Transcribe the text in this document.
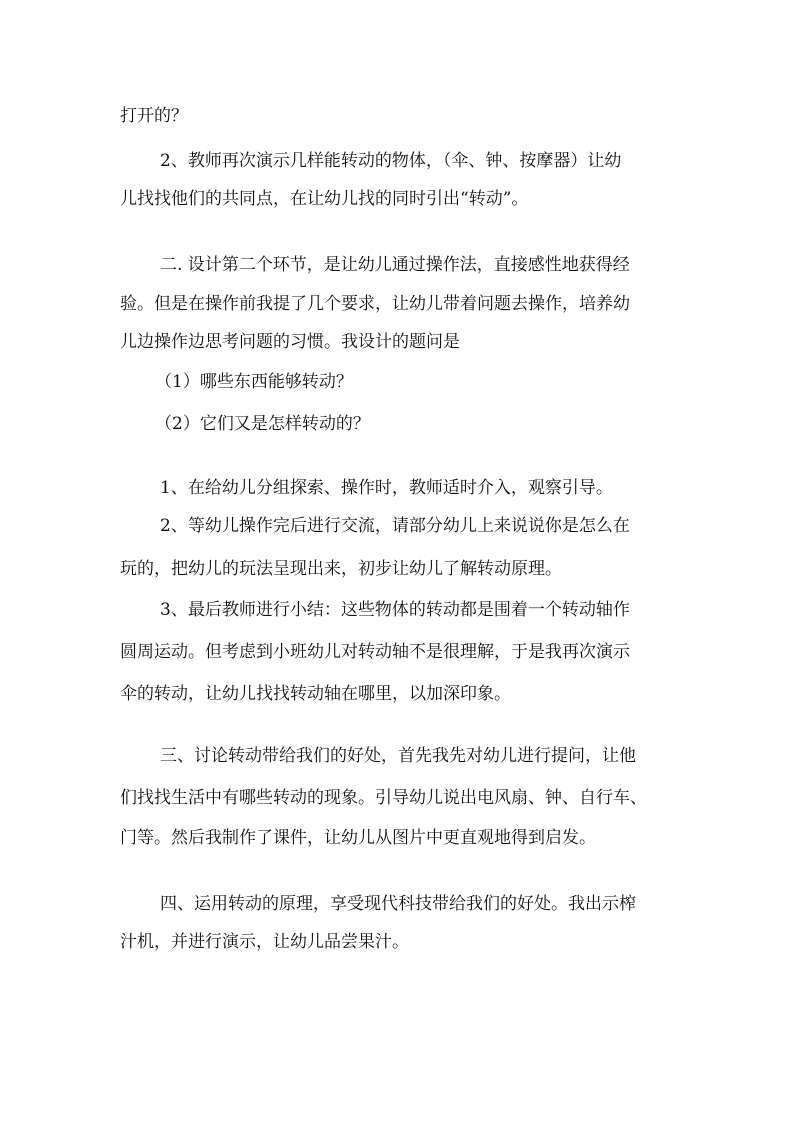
打开的？

2、教师再次演示几样能转动的物体，（伞、钟、按摩器）让幼

儿找找他们的共同点，在让幼儿找的同时引出“转动”。

二. 设计第二个环节，是让幼儿通过操作法，直接感性地获得经

验。但是在操作前我提了几个要求，让幼儿带着问题去操作，培养幼

儿边操作边思考问题的习惯。我设计的题问是

（1）哪些东西能够转动？

（2）它们又是怎样转动的？

1、在给幼儿分组探索、操作时，教师适时介入，观察引导。

2、等幼儿操作完后进行交流，请部分幼儿上来说说你是怎么在

玩的，把幼儿的玩法呈现出来，初步让幼儿了解转动原理。

3、最后教师进行小结：这些物体的转动都是围着一个转动轴作

圆周运动。但考虑到小班幼儿对转动轴不是很理解，于是我再次演示

伞的转动，让幼儿找找转动轴在哪里，以加深印象。

三、讨论转动带给我们的好处，首先我先对幼儿进行提问，让他

们找找生活中有哪些转动的现象。引导幼儿说出电风扇、钟、自行车、

门等。然后我制作了课件，让幼儿从图片中更直观地得到启发。

四、运用转动的原理，享受现代科技带给我们的好处。我出示榨

汁机，并进行演示，让幼儿品尝果汁。
